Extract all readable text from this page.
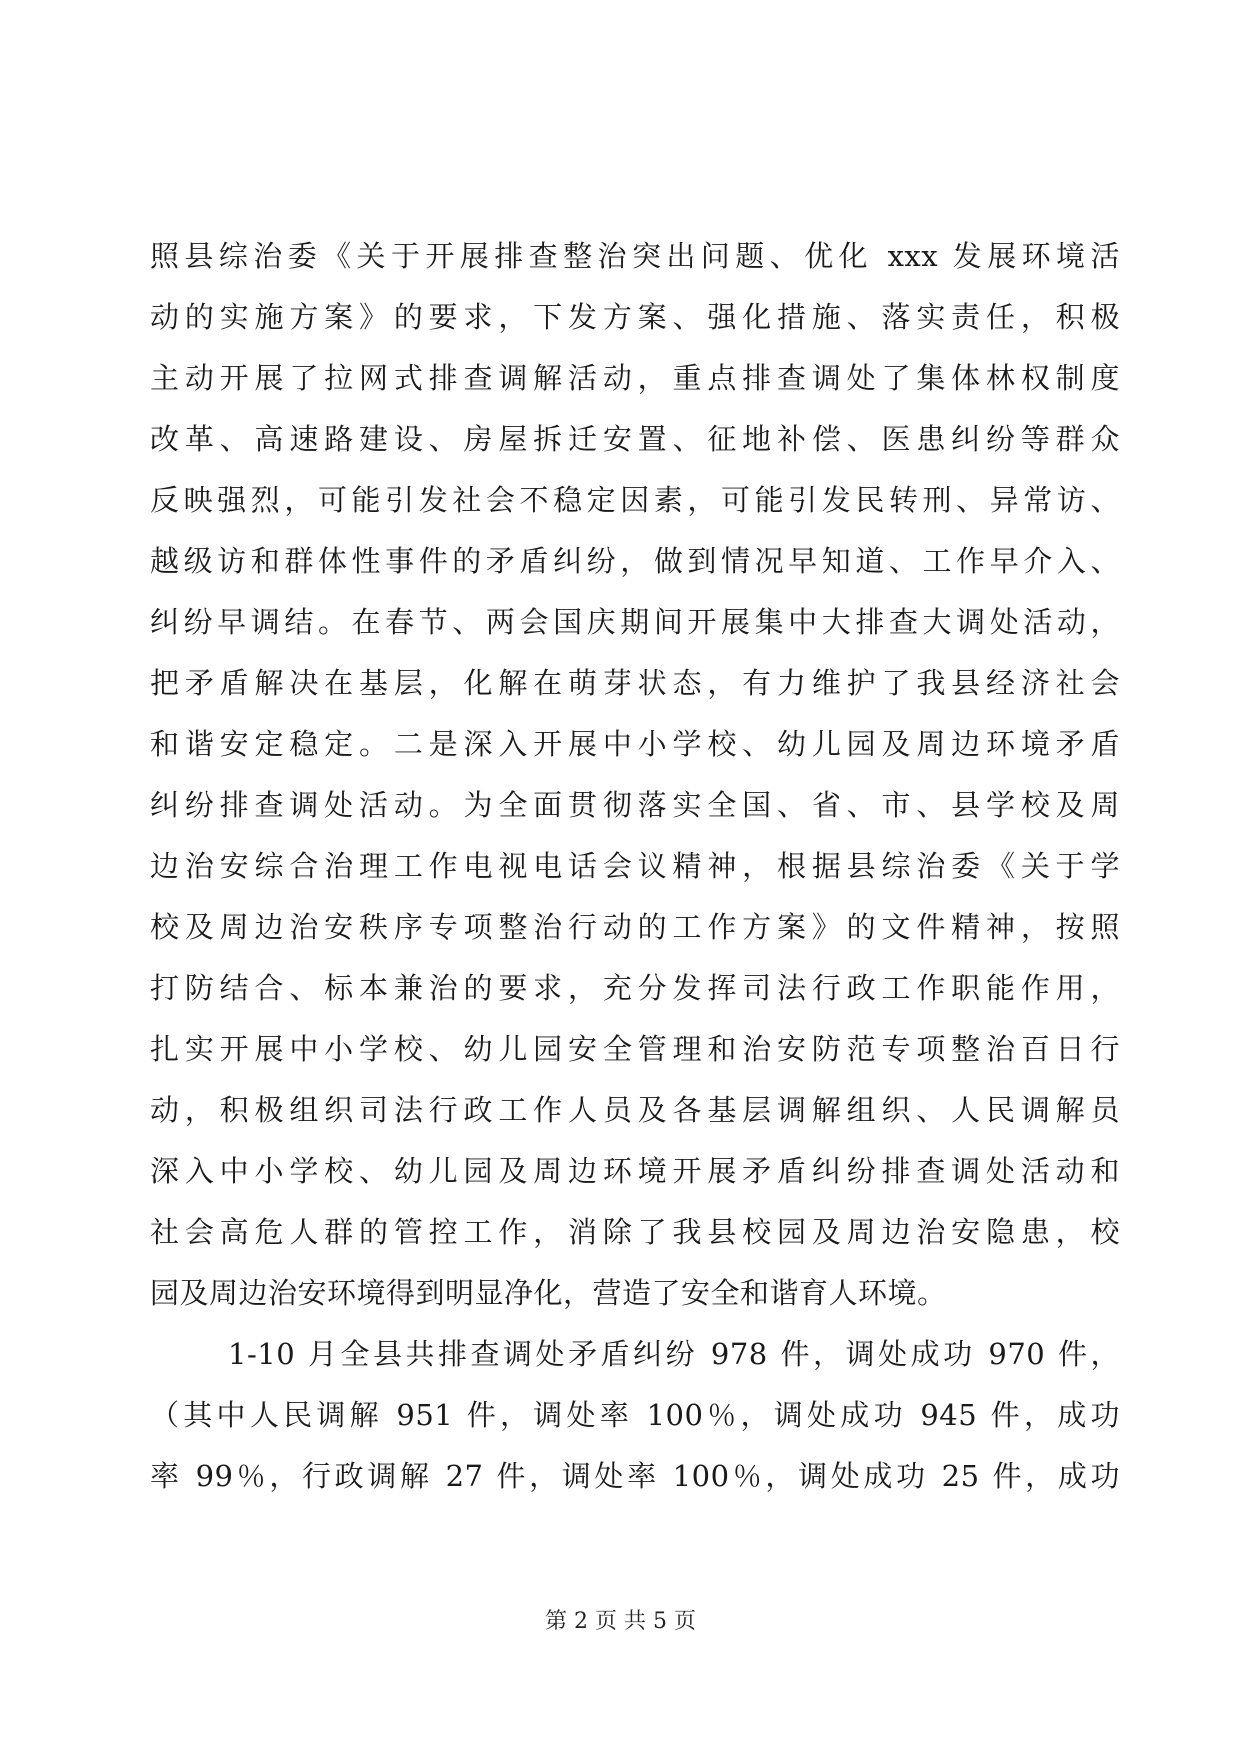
照县综治委《关于开展排查整治突出问题、优化 xxx 发展环境活
动的实施方案》的要求，下发方案、强化措施、落实责任，积极
主动开展了拉网式排查调解活动，重点排查调处了集体林权制度
改革、高速路建设、房屋拆迁安置、征地补偿、医患纠纷等群众
反映强烈，可能引发社会不稳定因素，可能引发民转刑、异常访、
越级访和群体性事件的矛盾纠纷，做到情况早知道、工作早介入、
纠纷早调结。在春节、两会国庆期间开展集中大排查大调处活动，
把矛盾解决在基层，化解在萌芽状态，有力维护了我县经济社会
和谐安定稳定。二是深入开展中小学校、幼儿园及周边环境矛盾
纠纷排查调处活动。为全面贯彻落实全国、省、市、县学校及周
边治安综合治理工作电视电话会议精神，根据县综治委《关于学
校及周边治安秩序专项整治行动的工作方案》的文件精神，按照
打防结合、标本兼治的要求，充分发挥司法行政工作职能作用，
扎实开展中小学校、幼儿园安全管理和治安防范专项整治百日行
动，积极组织司法行政工作人员及各基层调解组织、人民调解员
深入中小学校、幼儿园及周边环境开展矛盾纠纷排查调处活动和
社会高危人群的管控工作，消除了我县校园及周边治安隐患，校
园及周边治安环境得到明显净化，营造了安全和谐育人环境。
1-10 月全县共排查调处矛盾纠纷 978 件，调处成功 970 件，
（其中人民调解 951 件，调处率 100％，调处成功 945 件，成功
率 99％，行政调解 27 件，调处率 100％，调处成功 25 件，成功
第 2 页 共 5 页
